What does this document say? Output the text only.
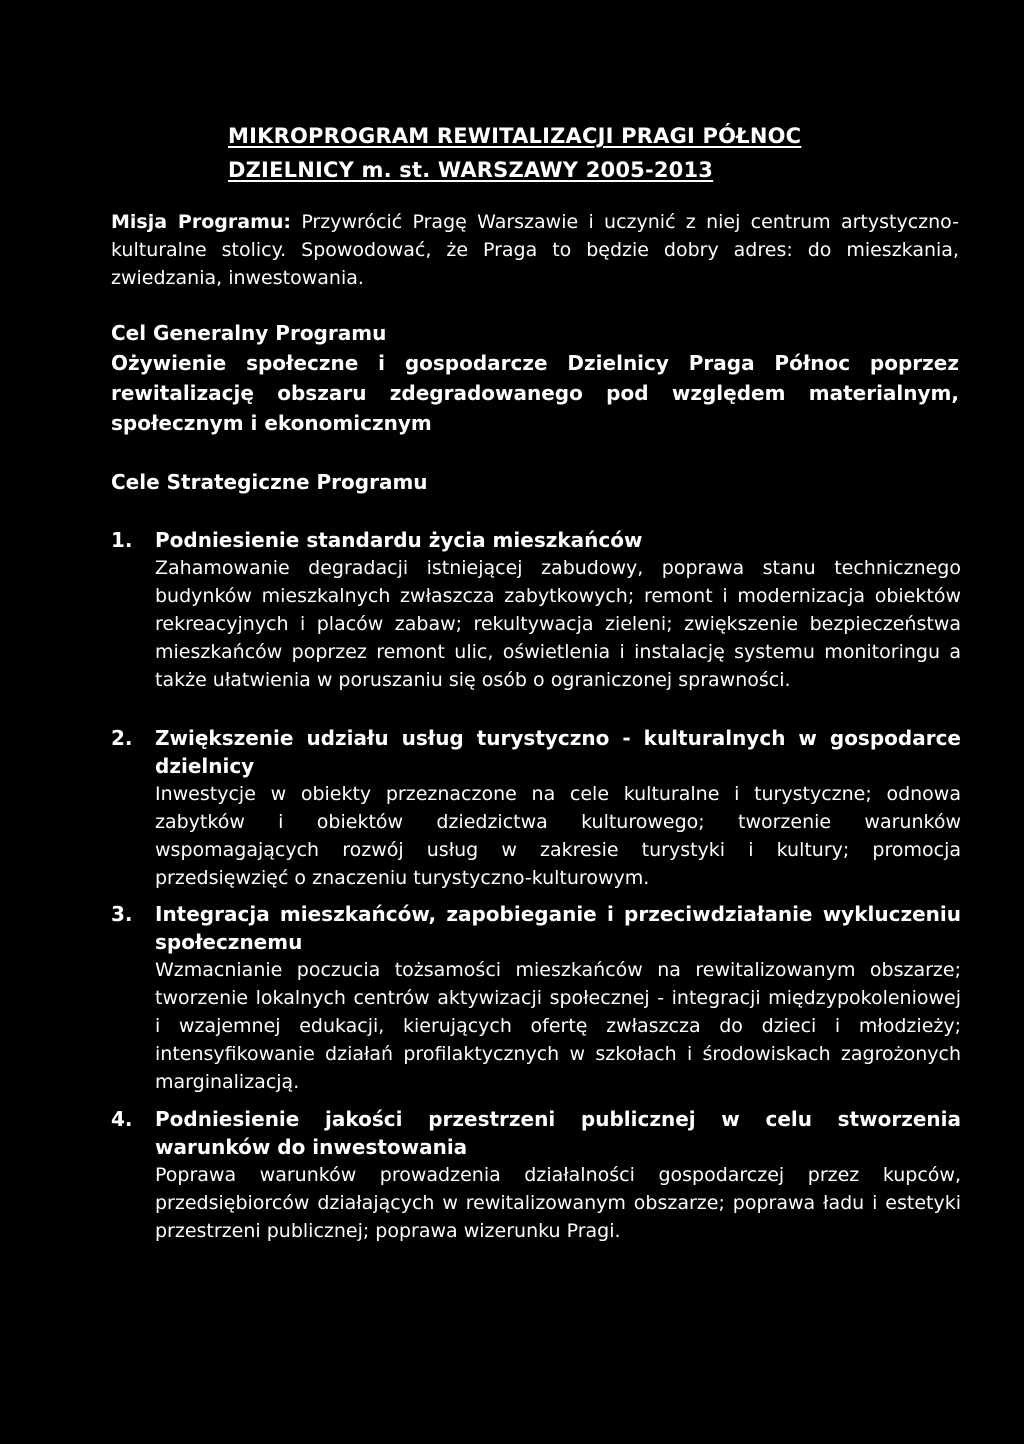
MIKROPROGRAM REWITALIZACJI PRAGI PÓŁNOC
DZIELNICY m. st. WARSZAWY 2005-2013
Misja Programu: Przywrócić Pragę Warszawie i uczynić z niej centrum artystyczno-kulturalne stolicy. Spowodować, że Praga to będzie dobry adres: do mieszkania, zwiedzania, inwestowania.
Cel Generalny Programu
Ożywienie społeczne i gospodarcze Dzielnicy Praga Północ poprzez rewitalizację obszaru zdegradowanego pod względem materialnym, społecznym i ekonomicznym
Cele Strategiczne Programu
1.	Podniesienie standardu życia mieszkańców
Zahamowanie degradacji istniejącej zabudowy, poprawa stanu technicznego budynków mieszkalnych zwłaszcza zabytkowych; remont i modernizacja obiektów rekreacyjnych i placów zabaw; rekultywacja zieleni; zwiększenie bezpieczeństwa mieszkańców poprzez remont ulic, oświetlenia i instalację systemu monitoringu a także ułatwienia w poruszaniu się osób o ograniczonej sprawności.
2.	Zwiększenie udziału usług turystyczno - kulturalnych w gospodarce dzielnicy
Inwestycje w obiekty przeznaczone na cele kulturalne i turystyczne; odnowa zabytków i obiektów dziedzictwa kulturowego; tworzenie warunków wspomagających rozwój usług w zakresie turystyki i kultury; promocja przedsięwzięć o znaczeniu turystyczno-kulturowym.
3.	Integracja mieszkańców, zapobieganie i przeciwdziałanie wykluczeniu społecznemu
Wzmacnianie poczucia tożsamości mieszkańców na rewitalizowanym obszarze; tworzenie lokalnych centrów aktywizacji społecznej - integracji międzypokoleniowej i wzajemnej edukacji, kierujących ofertę zwłaszcza do dzieci i młodzieży; intensyfikowanie działań profilaktycznych w szkołach i środowiskach zagrożonych marginalizacją.
4.	Podniesienie jakości przestrzeni publicznej w celu stworzenia warunków do inwestowania
Poprawa warunków prowadzenia działalności gospodarczej przez kupców, przedsiębiorców działających w rewitalizowanym obszarze; poprawa ładu i estetyki przestrzeni publicznej; poprawa wizerunku Pragi.
